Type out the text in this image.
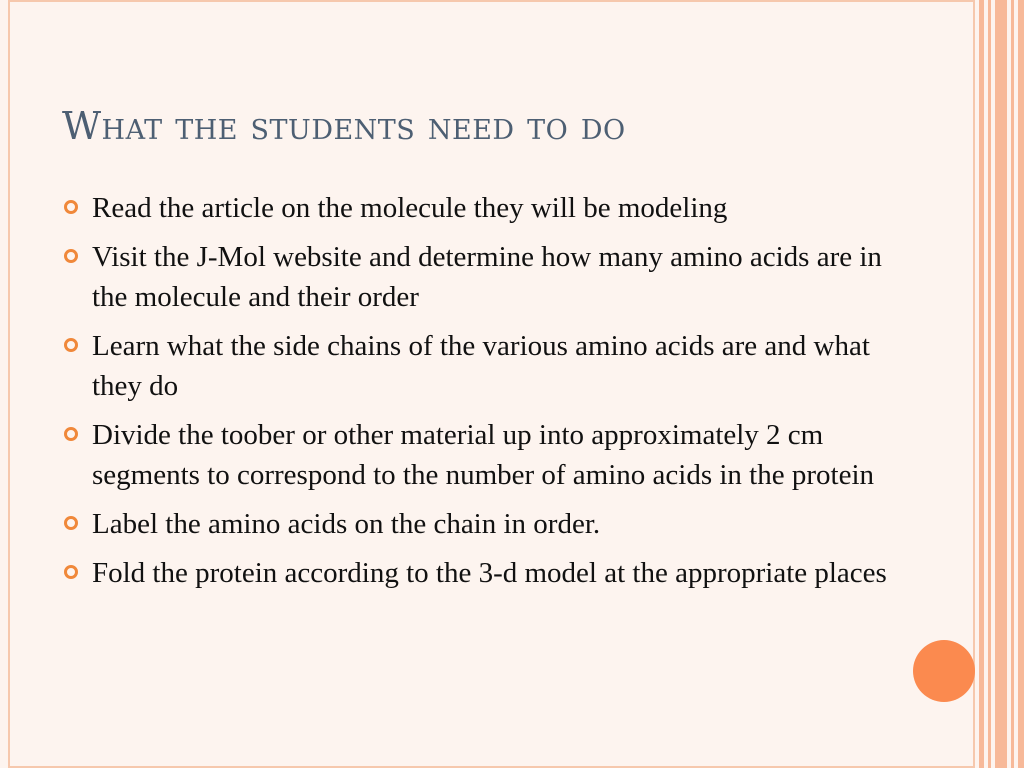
What the students need to do
Read the article on the molecule they will be modeling
Visit the J-Mol website and determine how many amino acids are in the molecule and their order
Learn what the side chains of the various amino acids are and what they do
Divide the toober or other material up into approximately 2 cm segments to correspond to the number of amino acids in the protein
Label the amino acids on the chain in order.
Fold the protein according to the 3-d model at the appropriate places
